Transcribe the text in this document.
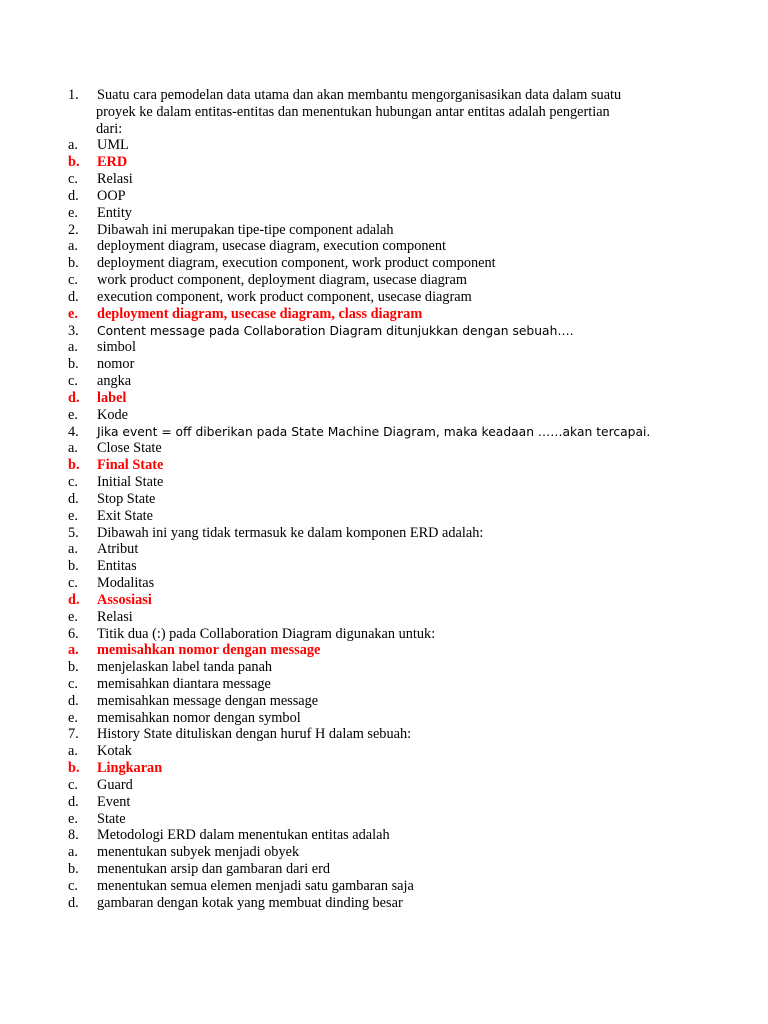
1. Suatu cara pemodelan data utama dan akan membantu mengorganisasikan data dalam suatu
proyek ke dalam entitas-entitas dan menentukan hubungan antar entitas adalah pengertian
dari:
a. UML
b. ERD
c. Relasi
d. OOP
e. Entity
2. Dibawah ini merupakan tipe-tipe component adalah
a. deployment diagram, usecase diagram, execution component
b. deployment diagram, execution component, work product component
c. work product component, deployment diagram, usecase diagram
d. execution component, work product component, usecase diagram
e. deployment diagram, usecase diagram, class diagram
3. Content message pada Collaboration Diagram ditunjukkan dengan sebuah….
a. simbol
b. nomor
c. angka
d. label
e. Kode
4. Jika event = off diberikan pada State Machine Diagram, maka keadaan ……akan tercapai.
a. Close State
b. Final State
c. Initial State
d. Stop State
e. Exit State
5. Dibawah ini yang tidak termasuk ke dalam komponen ERD adalah:
a. Atribut
b. Entitas
c. Modalitas
d. Assosiasi
e. Relasi
6. Titik dua (:) pada Collaboration Diagram digunakan untuk:
a. memisahkan nomor dengan message
b. menjelaskan label tanda panah
c. memisahkan diantara message
d. memisahkan message dengan message
e. memisahkan nomor dengan symbol
7. History State dituliskan dengan huruf H dalam sebuah:
a. Kotak
b. Lingkaran
c. Guard
d. Event
e. State
8. Metodologi ERD dalam menentukan entitas adalah
a. menentukan subyek menjadi obyek
b. menentukan arsip dan gambaran dari erd
c. menentukan semua elemen menjadi satu gambaran saja
d. gambaran dengan kotak yang membuat dinding besar
